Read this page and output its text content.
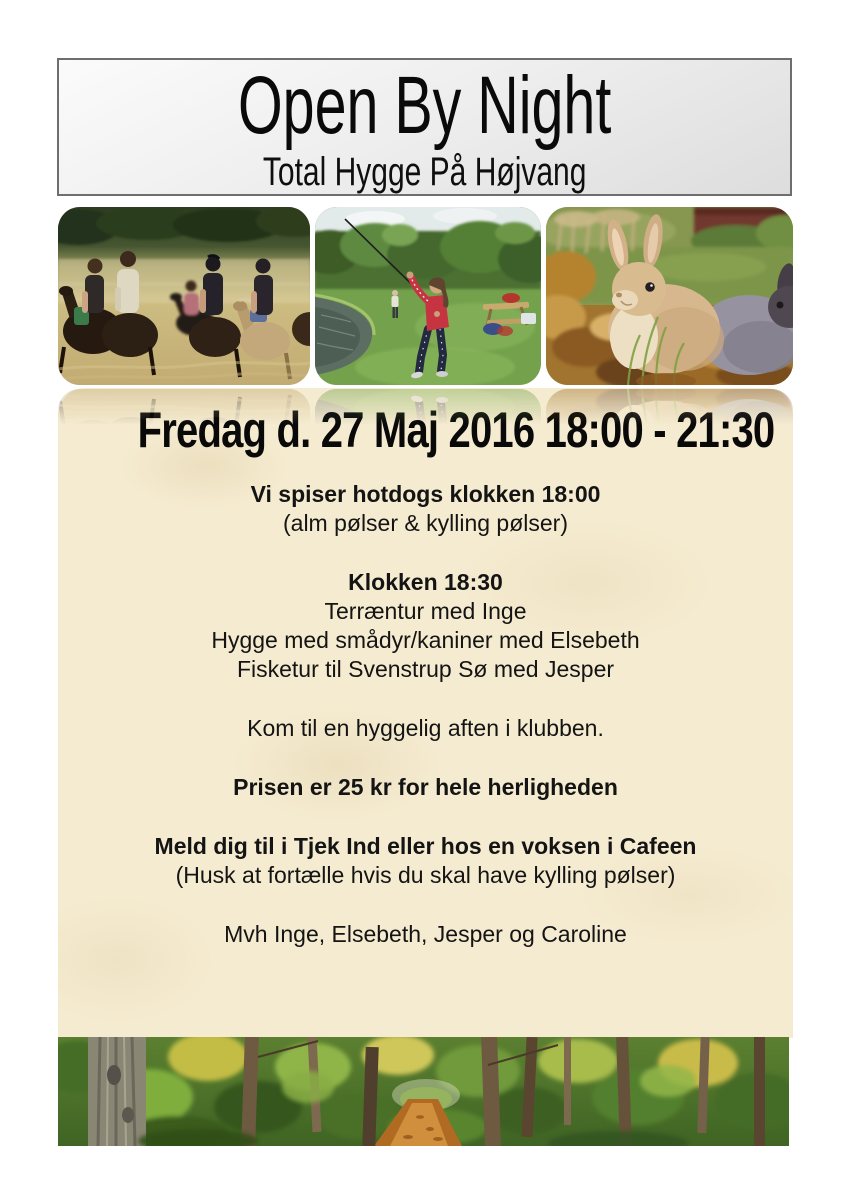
Open By Night
Total Hygge På Højvang
Fredag d. 27 Maj 2016 18:00 - 21:30
Vi spiser hotdogs klokken 18:00
(alm pølser & kylling pølser)
Klokken 18:30
Terræntur med Inge
Hygge med smådyr/kaniner med Elsebeth
Fisketur til Svenstrup Sø med Jesper
Kom til en hyggelig aften i klubben.
Prisen er 25 kr for hele herligheden
Meld dig til i Tjek Ind eller hos en voksen i Cafeen
(Husk at fortælle hvis du skal have kylling pølser)
Mvh Inge, Elsebeth, Jesper og Caroline
